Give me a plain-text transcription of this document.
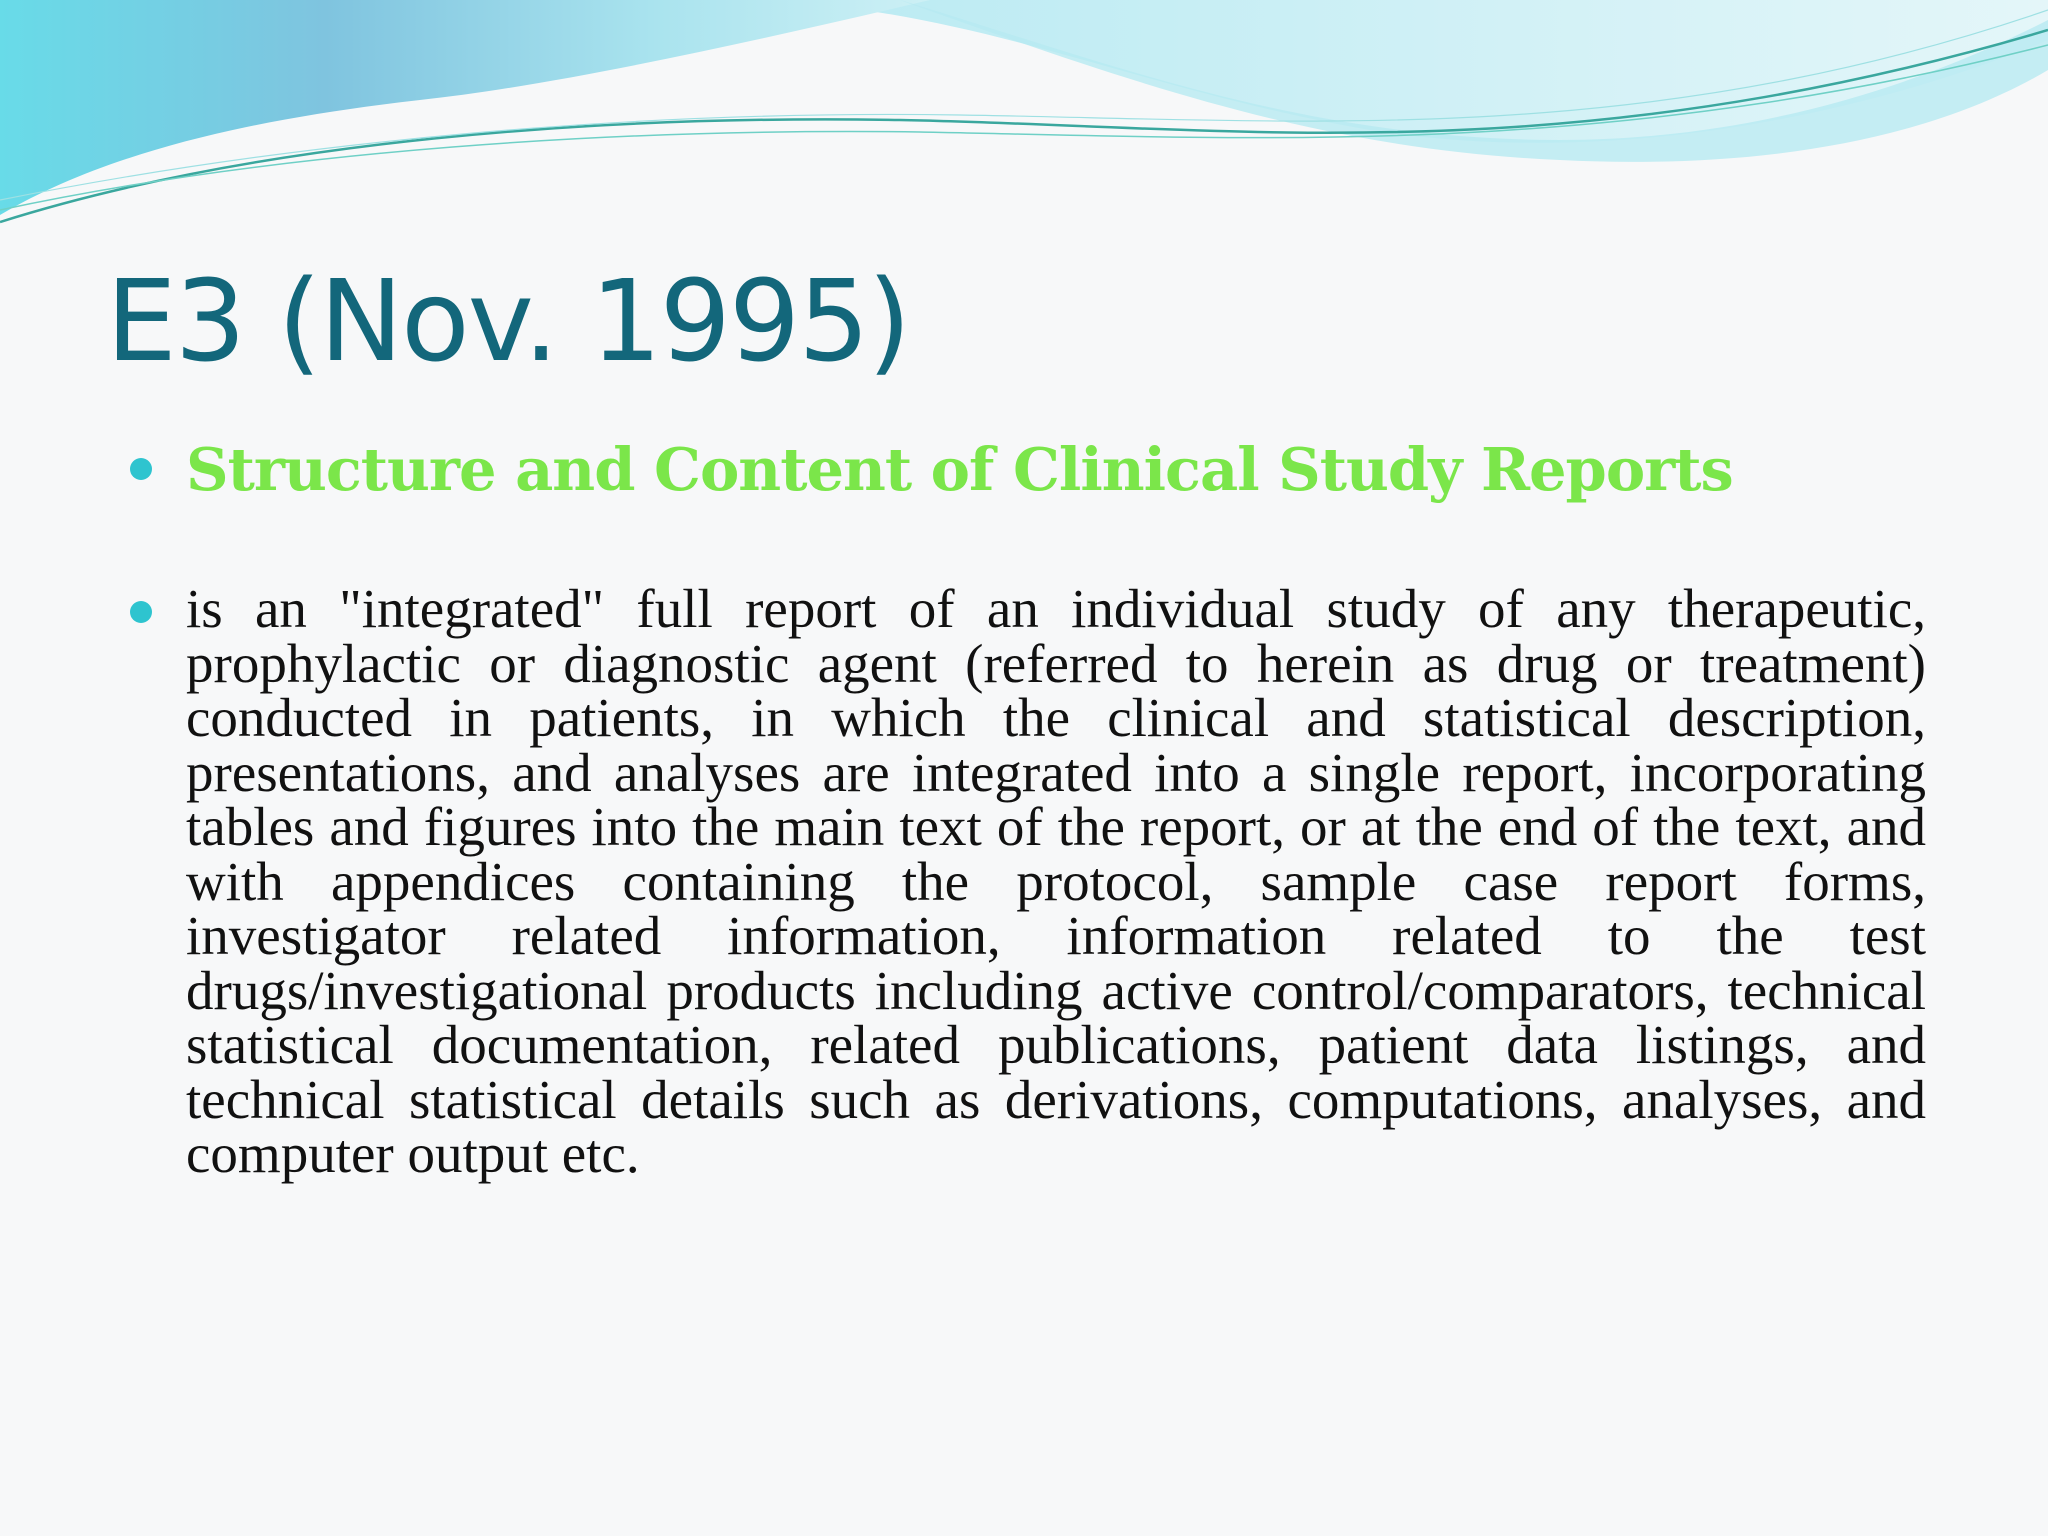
E3 (Nov. 1995)
Structure and Content of Clinical Study Reports
is an "integrated" full report of an individual study of any therapeutic, prophylactic or diagnostic agent (referred to herein as drug or treatment) conducted in patients, in which the clinical and statistical description, presentations, and analyses are integrated into a single report, incorporating tables and figures into the main text of the report, or at the end of the text, and with appendices containing the protocol, sample case report forms, investigator related information, information related to the test drugs/investigational products including active control/comparators, technical statistical documentation, related publications, patient data listings, and technical statistical details such as derivations, computations, analyses, and computer output etc.
